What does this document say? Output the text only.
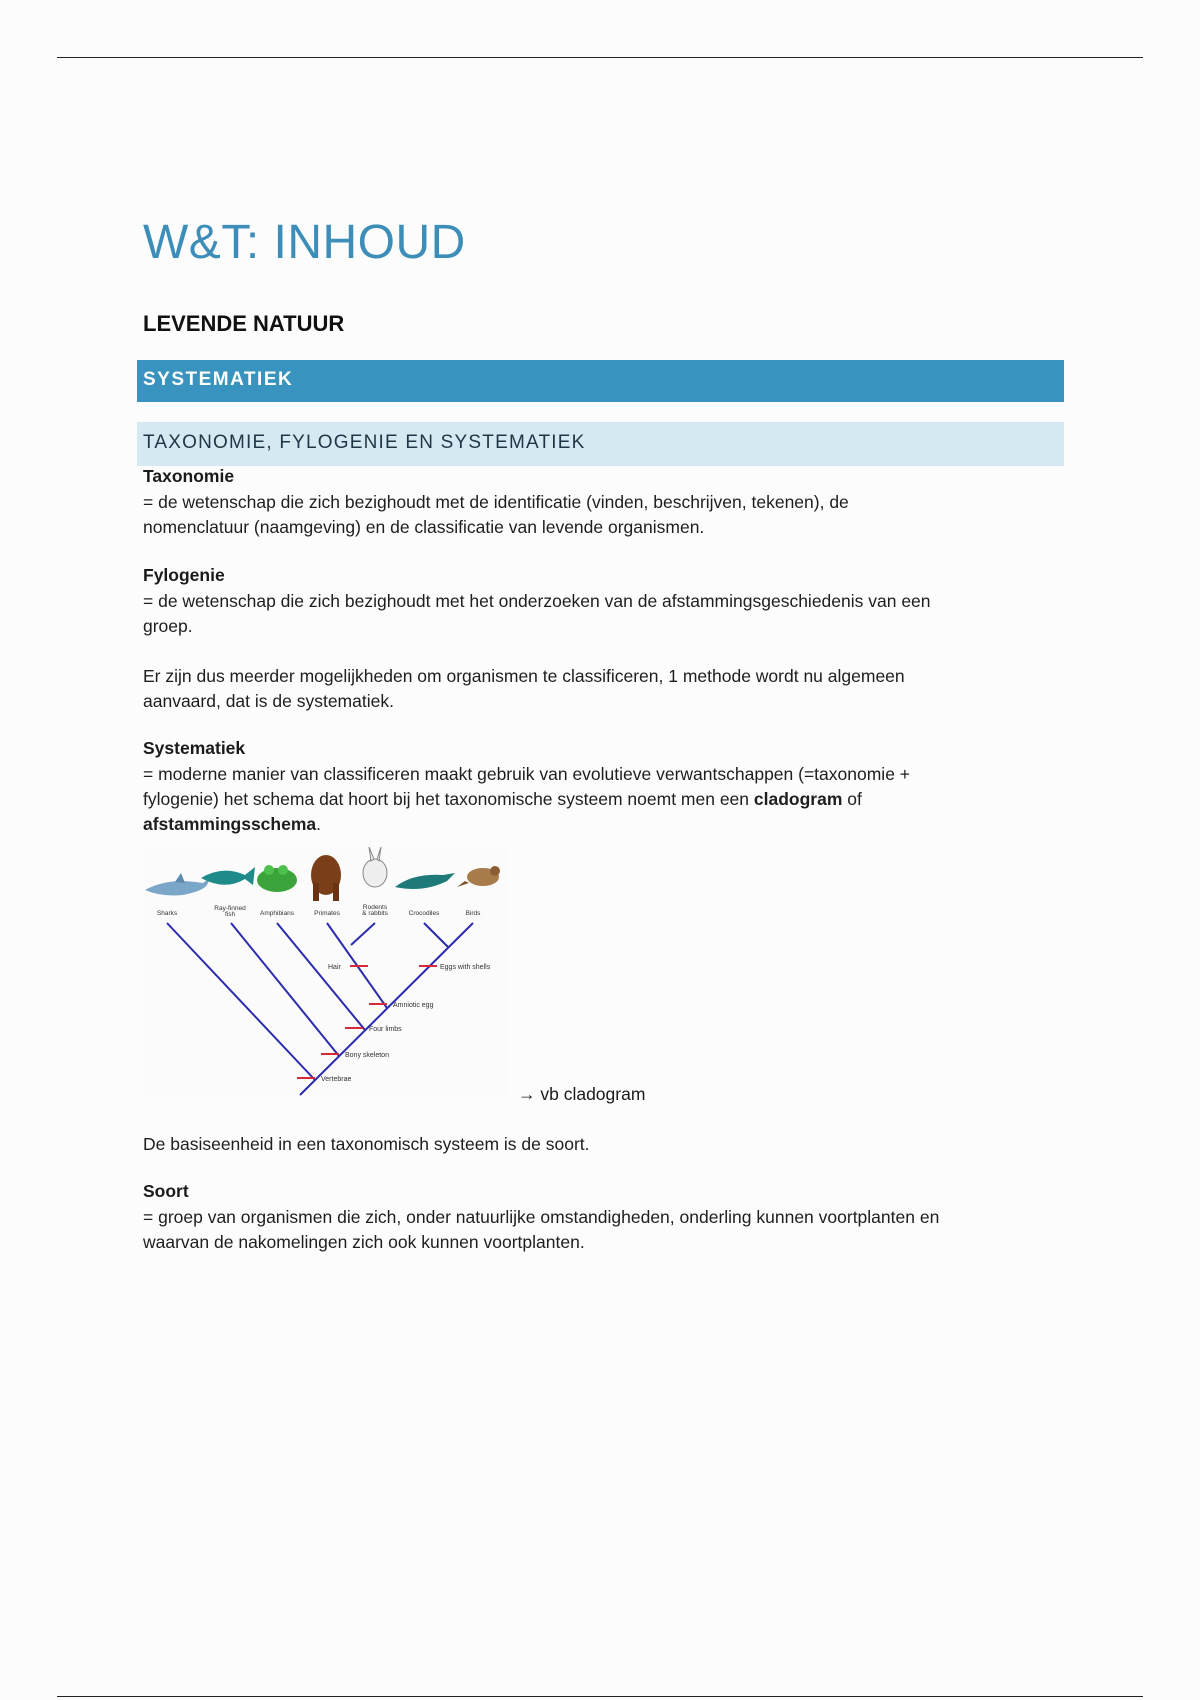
W&T: INHOUD
LEVENDE NATUUR
SYSTEMATIEK
TAXONOMIE, FYLOGENIE EN SYSTEMATIEK
Taxonomie
= de wetenschap die zich bezighoudt met de identificatie (vinden, beschrijven, tekenen), de
nomenclatuur (naamgeving) en de classificatie van levende organismen.
Fylogenie
= de wetenschap die zich bezighoudt met het onderzoeken van de afstammingsgeschiedenis van een
groep.
Er zijn dus meerder mogelijkheden om organismen te classificeren, 1 methode wordt nu algemeen
aanvaard, dat is de systematiek.
Systematiek
= moderne manier van classificeren maakt gebruik van evolutieve verwantschappen (=taxonomie +
fylogenie) het schema dat hoort bij het taxonomische systeem noemt men een cladogram of
afstammingsschema.
De basiseenheid in een taxonomisch systeem is de soort.
Soort
= groep van organismen die zich, onder natuurlijke omstandigheden, onderling kunnen voortplanten en
waarvan de nakomelingen zich ook kunnen voortplanten.
Sharks
Ray-finned
fish	Amphibians	Primates
Rodents
& rabbits	Crocodiles	Birds
Vertebrae
Bony skeleton
Four limbs
Amniotic egg
Hair	Eggs with shells
→ vb cladogram
